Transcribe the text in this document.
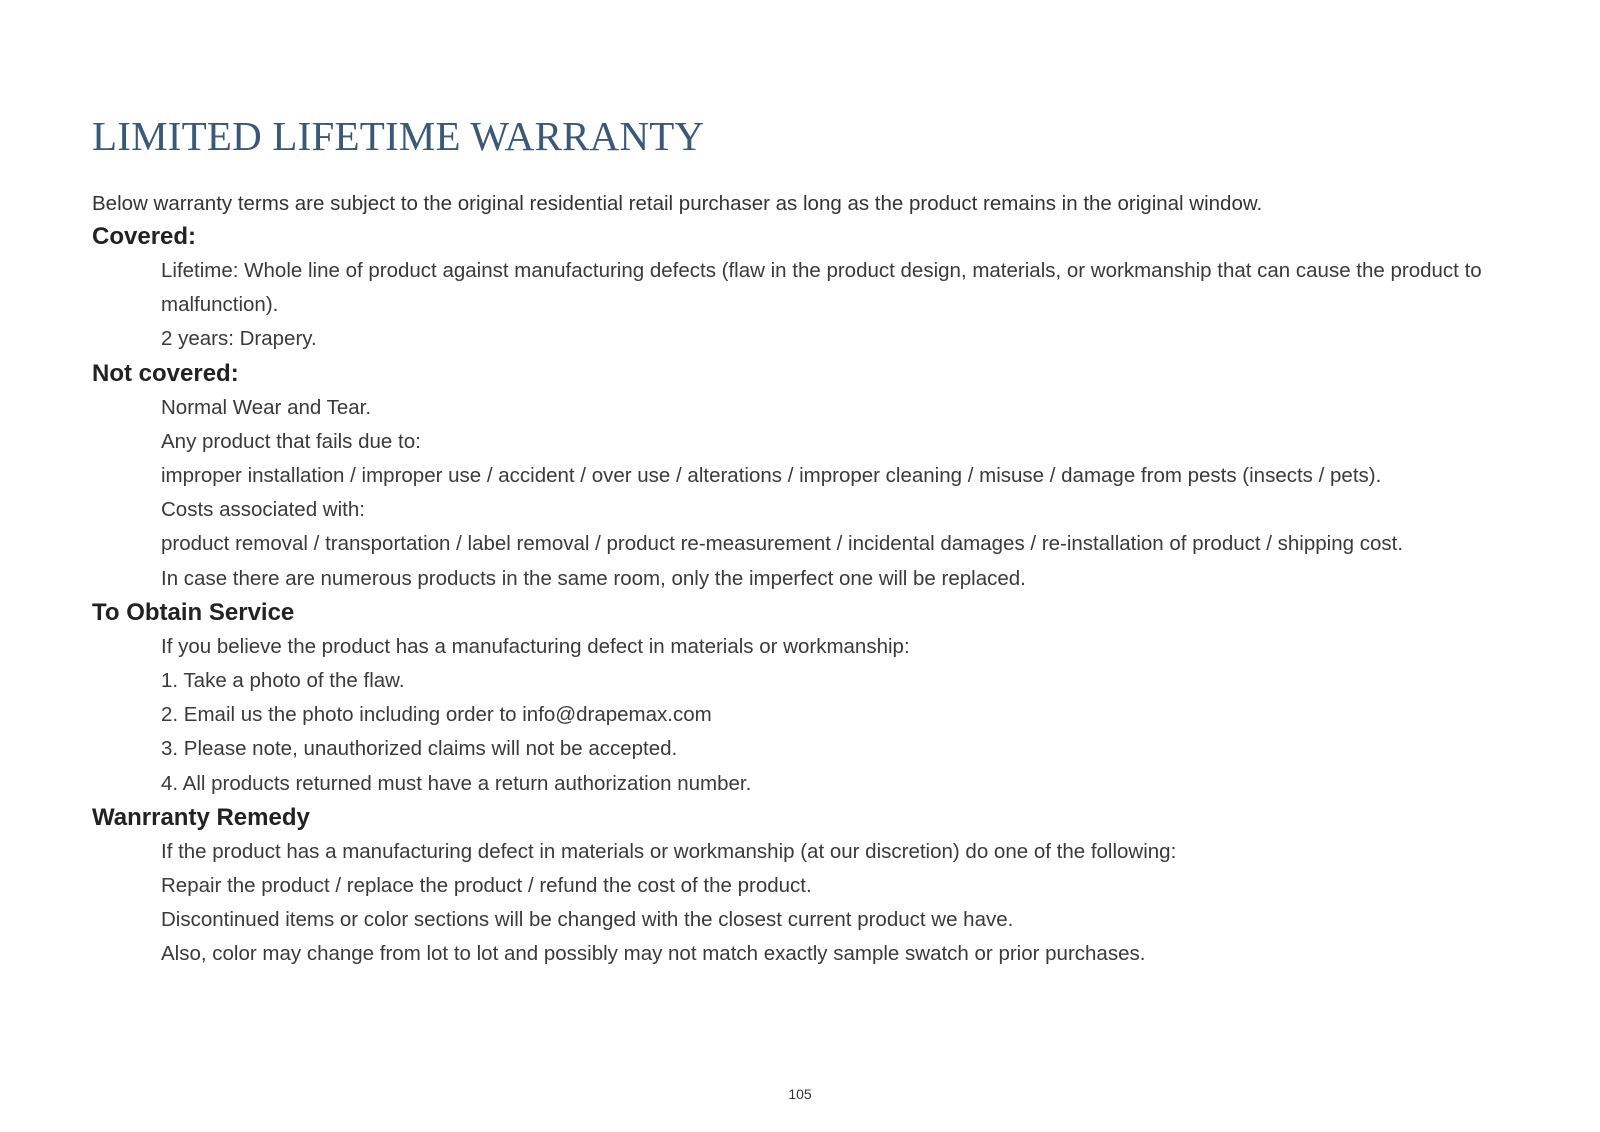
LIMITED LIFETIME WARRANTY

Below warranty terms are subject to the original residential retail purchaser as long as the product remains in the original window.

Covered:

Lifetime: Whole line of product against manufacturing defects (flaw in the product design, materials, or workmanship that can cause the product to malfunction).

2 years: Drapery.

Not covered:

Normal Wear and Tear.

Any product that fails due to:

improper installation / improper use / accident / over use / alterations / improper cleaning / misuse / damage from pests (insects / pets).

Costs associated with:

product removal / transportation / label removal / product re-measurement / incidental damages / re-installation of product / shipping cost.

In case there are numerous products in the same room, only the imperfect one will be replaced.

To Obtain Service

If you believe the product has a manufacturing defect in materials or workmanship:

1. Take a photo of the flaw.

2. Email us the photo including order to info@drapemax.com

3. Please note, unauthorized claims will not be accepted.

4. All products returned must have a return authorization number.

Wanrranty Remedy

If the product has a manufacturing defect in materials or workmanship (at our discretion) do one of the following:

Repair the product / replace the product / refund the cost of the product.

Discontinued items or color sections will be changed with the closest current product we have.

Also, color may change from lot to lot and possibly may not match exactly sample swatch or prior purchases.

105
